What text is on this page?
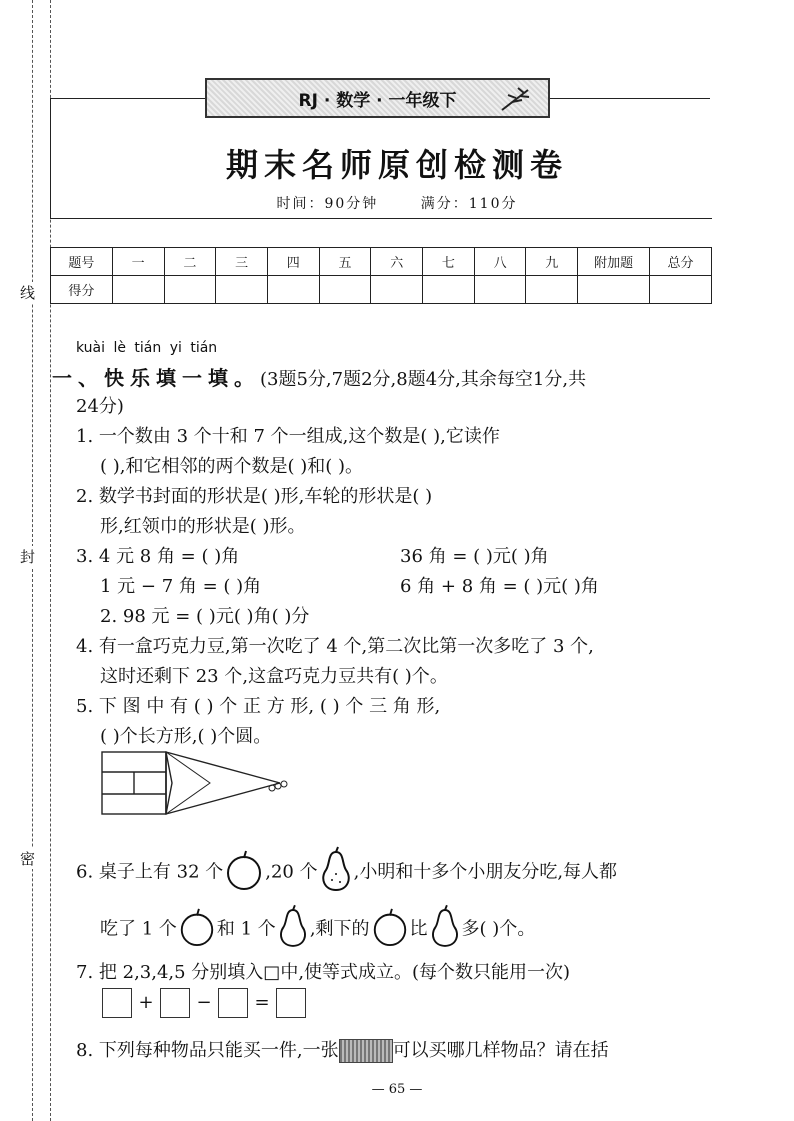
线
封
密
RJ · 数学 · 一年级下
期末名师原创检测卷
时间：90分钟	满分：110分
题号	一	二	三	四	五	六	七	八	九	附加题	总分
得分											
kuài lè tián yi tián
一、快乐填一填。(3题5分,7题2分,8题4分,其余每空1分,共
24分)
1. 一个数由 3 个十和 7 个一组成,这个数是( ),它读作
( ),和它相邻的两个数是( )和( )。
2. 数学书封面的形状是( )形,车轮的形状是( )
形,红领巾的形状是( )形。
3. 4 元 8 角 = ( )角	36 角 = ( )元( )角
1 元 − 7 角 = ( )角	6 角 + 8 角 = ( )元( )角
2. 98 元 = ( )元( )角( )分
4. 有一盒巧克力豆,第一次吃了 4 个,第二次比第一次多吃了 3 个,
这时还剩下 23 个,这盒巧克力豆共有( )个。
5. 下 图 中 有 ( ) 个 正 方 形, ( ) 个 三 角 形,
( )个长方形,( )个圆。
6. 桌子上有 32 个 ,20 个 ,小明和十多个小朋友分吃,每人都
吃了 1 个 和 1 个 ,剩下的 比 多( )个。
7. 把 2,3,4,5 分别填入□中,使等式成立。(每个数只能用一次)
+ − =
8. 下列每种物品只能买一件,一张	可以买哪几样物品？请在括
— 65 —
